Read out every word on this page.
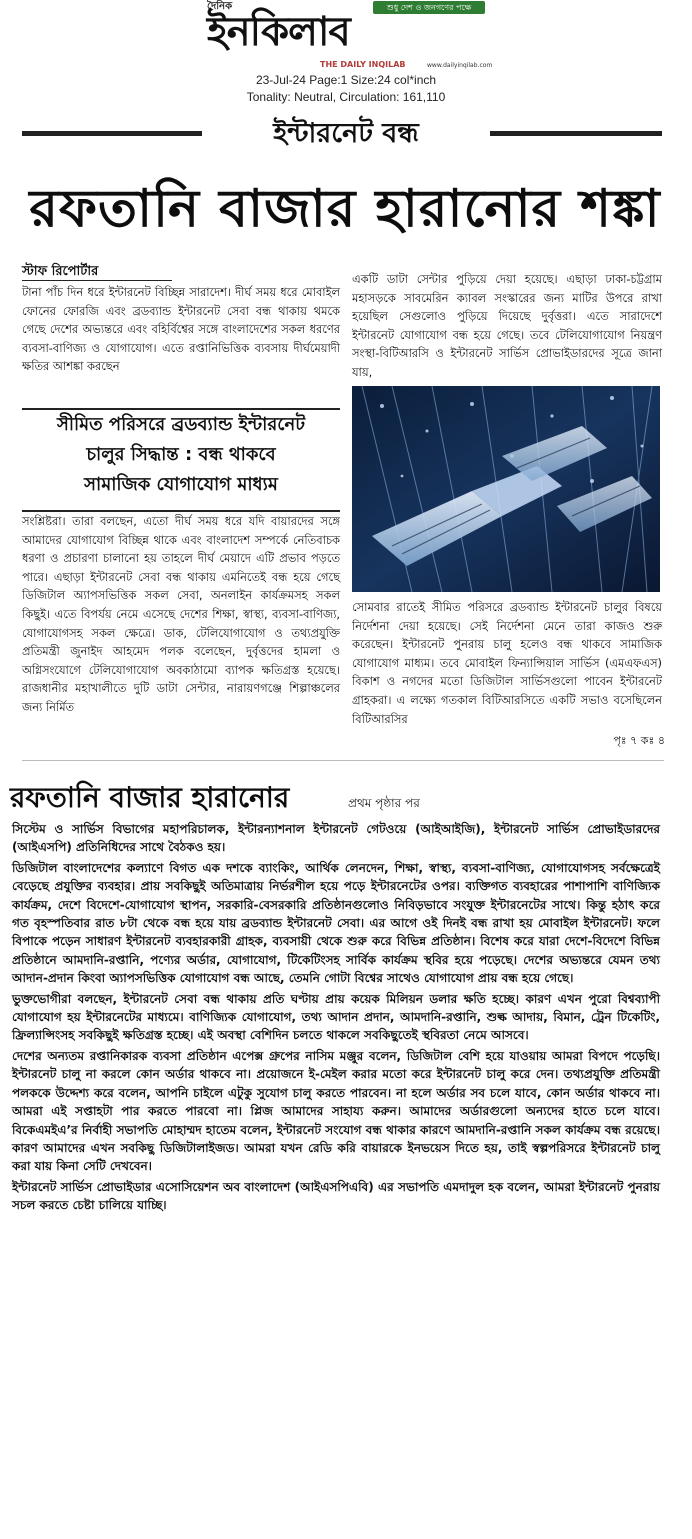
দৈনিক
ইনকিলাব
শুধু দেশ ও জনগণের পক্ষে
THE DAILY INQILAB	www.dailyinqilab.com
23-Jul-24 Page:1 Size:24 col*inch
Tonality: Neutral, Circulation: 161,110
ইন্টারনেট বন্ধ
রফতানি বাজার হারানোর শঙ্কা
স্টাফ রিপোর্টার
টানা পাঁচ দিন ধরে ইন্টারনেট বিচ্ছিন্ন সারাদেশ। দীর্ঘ সময় ধরে মোবাইল ফোনের ফোরজি এবং ব্রডব্যান্ড ইন্টারনেট সেবা বন্ধ থাকায় থমকে গেছে দেশের অভ্যন্তরে এবং বহির্বিশ্বের সঙ্গে বাংলাদেশের সকল ধরণের ব্যবসা-বাণিজ্য ও যোগাযোগ। এতে রপ্তানিভিত্তিক ব্যবসায় দীর্ঘমেয়াদী ক্ষতির আশঙ্কা করছেন
সীমিত পরিসরে ব্রডব্যান্ড ইন্টারনেট
চালুর সিদ্ধান্ত : বন্ধ থাকবে
সামাজিক যোগাযোগ মাধ্যম
সংশ্লিষ্টরা। তারা বলছেন, এতো দীর্ঘ সময় ধরে যদি বায়ারদের সঙ্গে আমাদের যোগাযোগ বিচ্ছিন্ন থাকে এবং বাংলাদেশ সম্পর্কে নেতিবাচক ধরণা ও প্রচারণা চালানো হয় তাহলে দীর্ঘ মেয়াদে এটি প্রভাব পড়তে পারে। এছাড়া ইন্টারনেট সেবা বন্ধ থাকায় এমনিতেই বন্ধ হয়ে গেছে ডিজিটাল অ্যাপসভিত্তিক সকল সেবা, অনলাইন কার্যক্রমসহ সকল কিছুই। এতে বিপর্যয় নেমে এসেছে দেশের শিক্ষা, স্বাস্থ্য, ব্যবসা-বাণিজ্য, যোগাযোগসহ সকল ক্ষেত্রে। ডাক, টেলিযোগাযোগ ও তথ্যপ্রযুক্তি প্রতিমন্ত্রী জুনাইদ আহমেদ পলক বলেছেন, দুর্বৃত্তদের হামলা ও অগ্নিসংযোগে টেলিযোগাযোগ অবকাঠামো ব্যাপক ক্ষতিগ্রস্ত হয়েছে। রাজধানীর মহাখালীতে দুটি ডাটা সেন্টার, নারায়ণগঞ্জে শিল্পাঞ্চলের জন্য নির্মিত
একটি ডাটা সেন্টার পুড়িয়ে দেয়া হয়েছে। এছাড়া ঢাকা-চট্টগ্রাম মহাসড়কে সাবমেরিন ক্যাবল সংস্কারের জন্য মাটির উপরে রাখা হয়েছিল সেগুলোও পুড়িয়ে দিয়েছে দুর্বৃত্তরা। এতে সারাদেশে ইন্টারনেট যোগাযোগ বন্ধ হয়ে গেছে। তবে টেলিযোগাযোগ নিয়ন্ত্রণ সংস্থা-বিটিআরসি ও ইন্টারনেট সার্ভিস প্রোভাইডারদের সূত্রে জানা যায়,
সোমবার রাতেই সীমিত পরিসরে ব্রডব্যান্ড ইন্টারনেট চালুর বিষয়ে নির্দেশনা দেয়া হয়েছে। সেই নির্দেশনা মেনে তারা কাজও শুরু করেছেন। ইন্টারনেট পুনরায় চালু হলেও বন্ধ থাকবে সামাজিক যোগাযোগ মাধ্যম। তবে মোবাইল ফিন্যান্সিয়াল সার্ভিস (এমএফএস) বিকাশ ও নগদের মতো ডিজিটাল সার্ভিসগুলো পাবেন ইন্টারনেট গ্রাহকরা। এ লক্ষ্যে গতকাল বিটিআরসিতে একটি সভাও বসেছিলেন বিটিআরসির
পৃঃ ৭ কঃ ৪
রফতানি বাজার হারানোর	প্রথম পৃষ্ঠার পর

সিস্টেম ও সার্ভিস বিভাগের মহাপরিচালক, ইন্টারন্যাশনাল ইন্টারনেট গেটওয়ে (আইআইজি), ইন্টারনেট সার্ভিস প্রোভাইডারদের (আইএসপি) প্রতিনিধিদের সাথে বৈঠকও হয়।

ডিজিটাল বাংলাদেশের কল্যাণে বিগত এক দশকে ব্যাংকিং, আর্থিক লেনদেন, শিক্ষা, স্বাস্থ্য, ব্যবসা-বাণিজ্য, যোগাযোগসহ সর্বক্ষেত্রেই বেড়েছে প্রযুক্তির ব্যবহার। প্রায় সবকিছুই অতিমাত্রায় নির্ভরশীল হয়ে পড়ে ইন্টারনেটের ওপর। ব্যক্তিগত ব্যবহারের পাশাপাশি বাণিজ্যিক কার্যক্রম, দেশে বিদেশে-যোগাযোগ স্থাপন, সরকারি-বেসরকারি প্রতিষ্ঠানগুলোও নিবিড়ভাবে সংযুক্ত ইন্টারনেটের সাথে। কিন্তু হঠাৎ করে গত বৃহস্পতিবার রাত ৮টা থেকে বন্ধ হয়ে যায় ব্রডব্যান্ড ইন্টারনেট সেবা। এর আগে ওই দিনই বন্ধ রাখা হয় মোবাইল ইন্টারনেট। ফলে বিপাকে পড়েন সাধারণ ইন্টারনেট ব্যবহারকারী গ্রাহক, ব্যবসায়ী থেকে শুরু করে বিভিন্ন প্রতিষ্ঠান। বিশেষ করে যারা দেশে-বিদেশে বিভিন্ন প্রতিষ্ঠানে আমদানি-রপ্তানি, পণ্যের অর্ডার, যোগাযোগ, টিকেটিংসহ সার্বিক কার্যক্রম স্থবির হয়ে পড়েছে। দেশের অভ্যন্তরে যেমন তথ্য আদান-প্রদান কিংবা অ্যাপসভিত্তিক যোগাযোগ বন্ধ আছে, তেমনি গোটা বিশ্বের সাথেও যোগাযোগ প্রায় বন্ধ হয়ে গেছে।

ভুক্তভোগীরা বলছেন, ইন্টারনেট সেবা বন্ধ থাকায় প্রতি ঘণ্টায় প্রায় কয়েক মিলিয়ন ডলার ক্ষতি হচ্ছে। কারণ এখন পুরো বিশ্বব্যাপী যোগাযোগ হয় ইন্টারনেটের মাধ্যমে। বাণিজ্যিক যোগাযোগ, তথ্য আদান প্রদান, আমদানি-রপ্তানি, শুল্ক আদায়, বিমান, ট্রেন টিকেটিং, ফ্রিল্যান্সিংসহ সবকিছুই ক্ষতিগ্রস্ত হচ্ছে। এই অবস্থা বেশিদিন চলতে থাকলে সবকিছুতেই স্থবিরতা নেমে আসবে।

দেশের অন্যতম রপ্তানিকারক ব্যবসা প্রতিষ্ঠান এপেক্স গ্রুপের নাসিম মঞ্জুর বলেন, ডিজিটাল বেশি হয়ে যাওয়ায় আমরা বিপদে পড়েছি। ইন্টারনেট চালু না করলে কোন অর্ডার থাকবে না। প্রয়োজনে ই-মেইল করার মতো করে ইন্টারনেট চালু করে দেন। তথ্যপ্রযুক্তি প্রতিমন্ত্রী পলককে উদ্দেশ্য করে বলেন, আপনি চাইলে এটুকু সুযোগ চালু করতে পারবেন। না হলে অর্ডার সব চলে যাবে, কোন অর্ডার থাকবে না। আমরা এই সপ্তাহটা পার করতে পারবো না। প্লিজ আমাদের সাহায্য করুন। আমাদের অর্ডারগুলো অন্যদের হাতে চলে যাবে। বিকেএমইএ’র নির্বাহী সভাপতি মোহাম্মদ হাতেম বলেন, ইন্টারনেট সংযোগ বন্ধ থাকার কারণে আমদানি-রপ্তানি সকল কার্যক্রম বন্ধ রয়েছে। কারণ আমাদের এখন সবকিছু ডিজিটালাইজড। আমরা যখন রেডি করি বায়ারকে ইনভয়েস দিতে হয়, তাই স্বল্পপরিসরে ইন্টারনেট চালু করা যায় কিনা সেটি দেখবেন।

ইন্টারনেট সার্ভিস প্রোভাইডার এসোসিয়েশন অব বাংলাদেশ (আইএসপিএবি) এর সভাপতি এমদাদুল হক বলেন, আমরা ইন্টারনেট পুনরায় সচল করতে চেষ্টা চালিয়ে যাচ্ছি।
